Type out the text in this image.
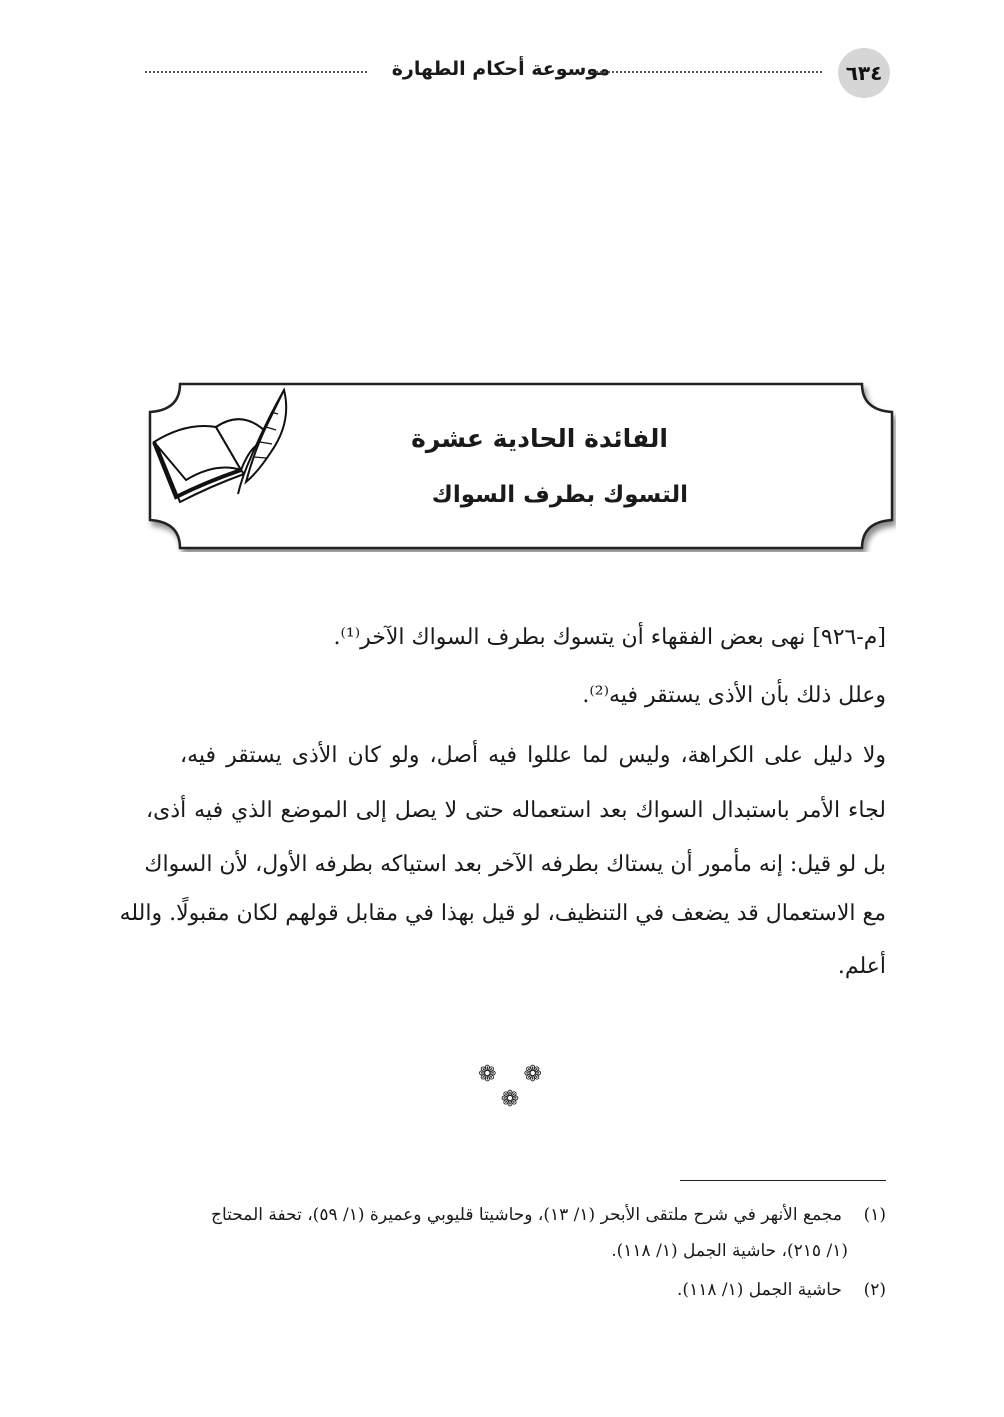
موسوعة أحكام الطهارة	٦٣٤
الفائدة الحادية عشرة
التسوك بطرف السواك
[م-٩٢٦] نهى بعض الفقهاء أن يتسوك بطرف السواك الآخر⁽¹⁾.
وعلل ذلك بأن الأذى يستقر فيه⁽²⁾.
ولا دليل على الكراهة، وليس لما عللوا فيه أصل، ولو كان الأذى يستقر فيه،
لجاء الأمر باستبدال السواك بعد استعماله حتى لا يصل إلى الموضع الذي فيه أذى،
بل لو قيل: إنه مأمور أن يستاك بطرفه الآخر بعد استياكه بطرفه الأول، لأن السواك
مع الاستعمال قد يضعف في التنظيف، لو قيل بهذا في مقابل قولهم لكان مقبولًا. والله
أعلم.
❁ ❁ ❁
(١)    مجمع الأنهر في شرح ملتقى الأبحر (١/ ١٣)، وحاشيتا قليوبي وعميرة (١/ ٥٩)، تحفة المحتاج
(١/ ٢١٥)، حاشية الجمل (١/ ١١٨).
(٢)    حاشية الجمل (١/ ١١٨).
